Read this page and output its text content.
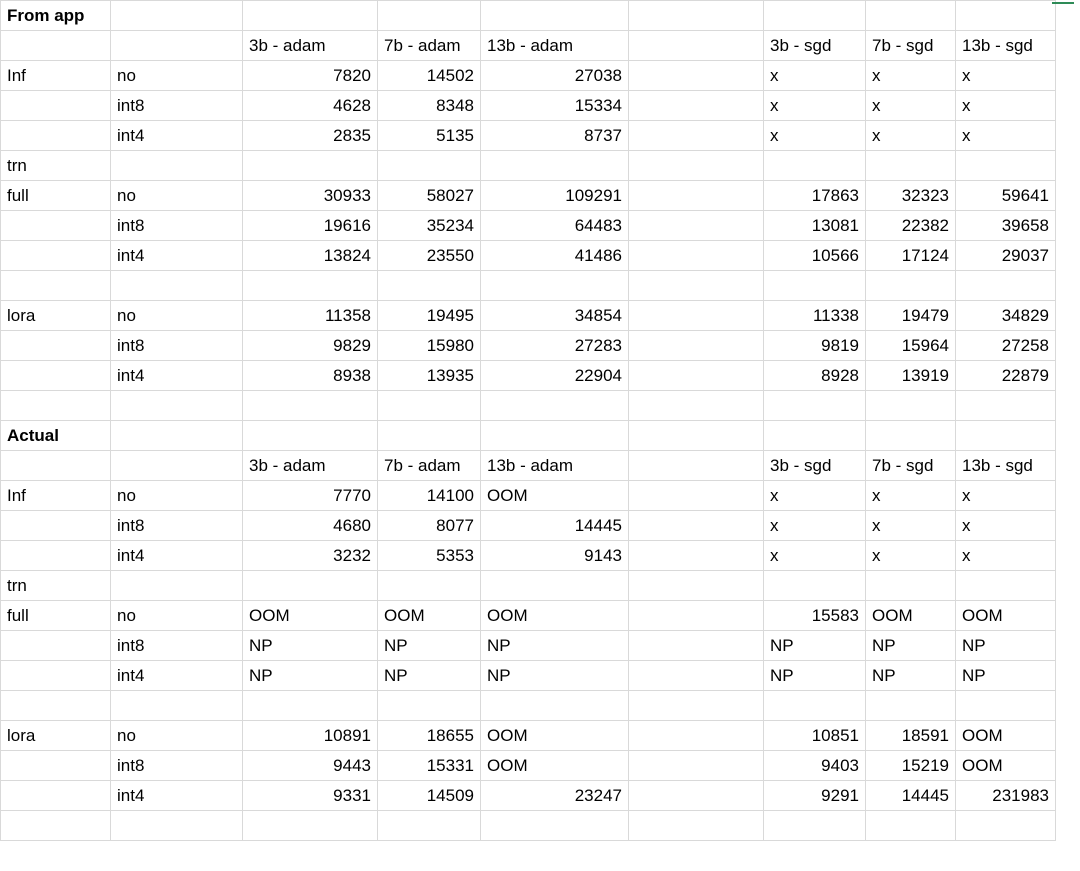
From app								
		3b - adam	7b - adam	13b - adam		3b - sgd	7b - sgd	13b - sgd
Inf	no	7820	14502	27038		x	x	x
	int8	4628	8348	15334		x	x	x
	int4	2835	5135	8737		x	x	x
trn								
full	no	30933	58027	109291		17863	32323	59641
	int8	19616	35234	64483		13081	22382	39658
	int4	13824	23550	41486		10566	17124	29037

lora	no	11358	19495	34854		11338	19479	34829
	int8	9829	15980	27283		9819	15964	27258
	int4	8938	13935	22904		8928	13919	22879

Actual								
		3b - adam	7b - adam	13b - adam		3b - sgd	7b - sgd	13b - sgd
Inf	no	7770	14100	OOM		x	x	x
	int8	4680	8077	14445		x	x	x
	int4	3232	5353	9143		x	x	x
trn								
full	no	OOM	OOM	OOM		15583	OOM	OOM
	int8	NP	NP	NP		NP	NP	NP
	int4	NP	NP	NP		NP	NP	NP

lora	no	10891	18655	OOM		10851	18591	OOM
	int8	9443	15331	OOM		9403	15219	OOM
	int4	9331	14509	23247		9291	14445	231983
